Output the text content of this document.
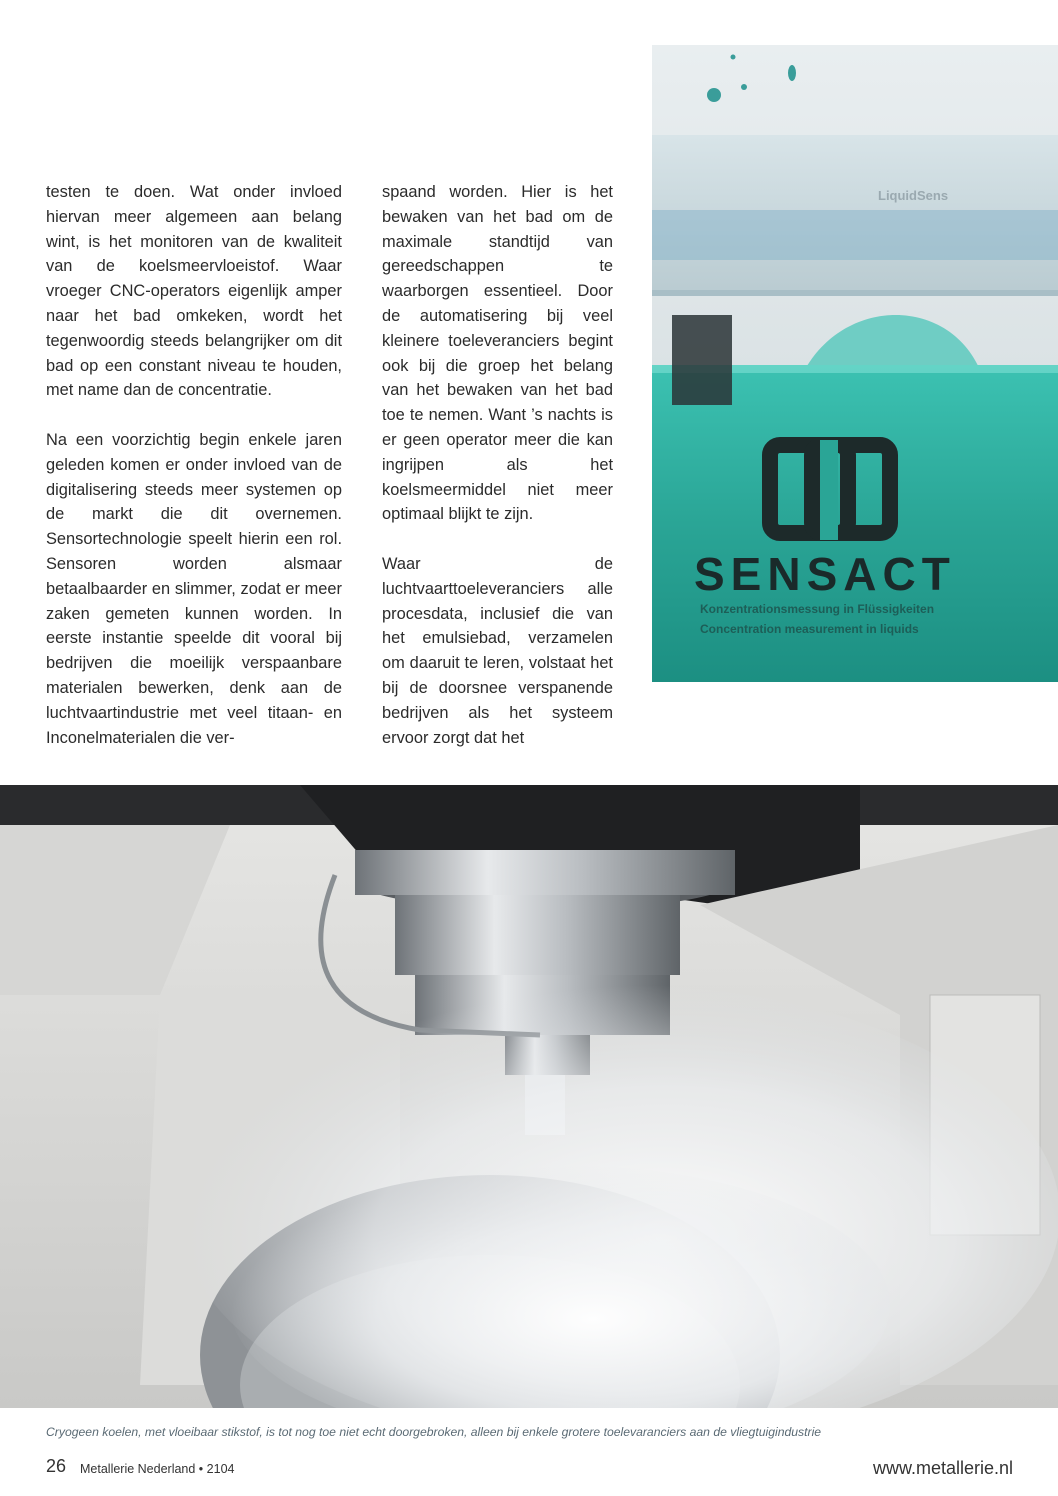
testen te doen. Wat onder invloed hiervan meer algemeen aan belang wint, is het monitoren van de kwaliteit van de koelsmeervloeistof. Waar vroeger CNC-operators eigenlijk amper naar het bad omkeken, wordt het tegenwoordig steeds belangrijker om dit bad op een constant niveau te houden, met name dan de concentratie.

Na een voorzichtig begin enkele jaren geleden komen er onder invloed van de digitalisering steeds meer systemen op de markt die dit overnemen. Sensortechnologie speelt hierin een rol. Sensoren worden alsmaar betaalbaarder en slimmer, zodat er meer zaken gemeten kunnen worden. In eerste instantie speelde dit vooral bij bedrijven die moeilijk verspaanbare materialen bewerken, denk aan de luchtvaartindustrie met veel titaan- en Inconelmaterialen die ver-

spaand worden. Hier is het bewaken van het bad om de maximale standtijd van gereedschappen te waarborgen essentieel. Door de automatisering bij veel kleinere toeleveranciers begint ook bij die groep het belang van het bewaken van het bad toe te nemen. Want ’s nachts is er geen operator meer die kan ingrijpen als het koelsmeermiddel niet meer optimaal blijkt te zijn.

Waar de luchtvaarttoeleveranciers alle procesdata, inclusief die van het emulsiebad, verzamelen om daaruit te leren, volstaat het bij de doorsnee verspanende bedrijven als het systeem ervoor zorgt dat het

LiquidSens
SENSACT
Konzentrationsmessung in Flüssigkeiten
Concentration measurement in liquids
Cryogeen koelen, met vloeibaar stikstof, is tot nog toe niet echt doorgebroken, alleen bij enkele grotere toelevaranciers aan de vliegtuigindustrie
26 Metallerie Nederland • 2104	www.metallerie.nl
